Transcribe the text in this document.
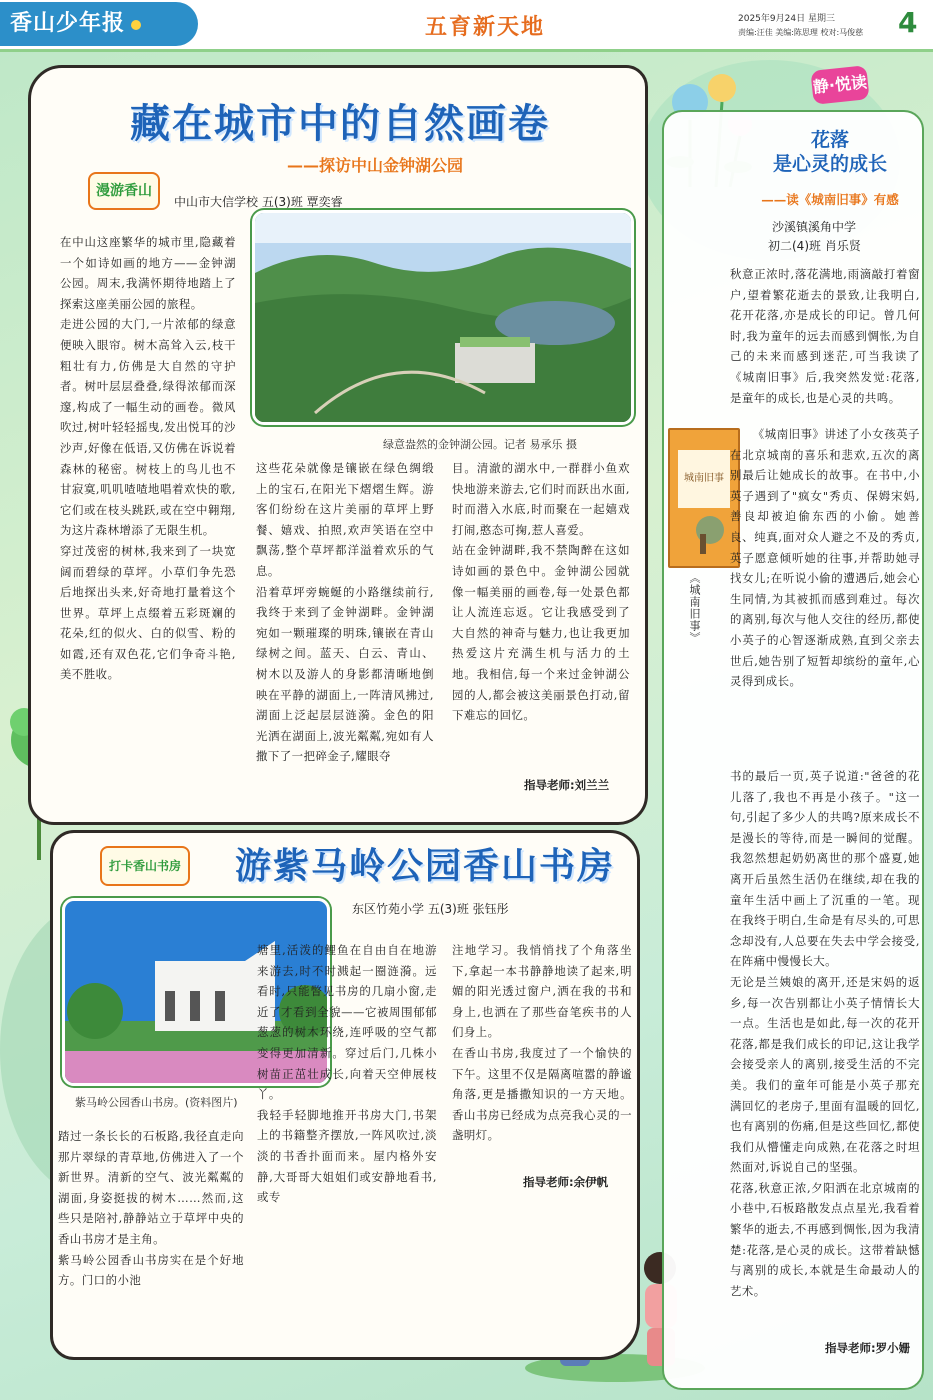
香山少年报	五育新天地	2025年9月24日 星期三
责编:汪佳 美编:陈思理 校对:马俊慈	4
藏在城市中的自然画卷
——探访中山金钟湖公园
漫游香山
中山市大信学校 五(3)班 覃奕睿
绿意盎然的金钟湖公园。记者 易承乐 摄
在中山这座繁华的城市里,隐藏着一个如诗如画的地方——金钟湖公园。周末,我满怀期待地踏上了探索这座美丽公园的旅程。
走进公园的大门,一片浓郁的绿意便映入眼帘。树木高耸入云,枝干粗壮有力,仿佛是大自然的守护者。树叶层层叠叠,绿得浓郁而深邃,构成了一幅生动的画卷。微风吹过,树叶轻轻摇曳,发出悦耳的沙沙声,好像在低语,又仿佛在诉说着森林的秘密。树枝上的鸟儿也不甘寂寞,叽叽喳喳地唱着欢快的歌,它们或在枝头跳跃,或在空中翱翔,为这片森林增添了无限生机。
穿过茂密的树林,我来到了一块宽阔而碧绿的草坪。小草们争先恐后地探出头来,好奇地打量着这个世界。草坪上点缀着五彩斑斓的花朵,红的似火、白的似雪、粉的如霞,还有双色花,它们争奇斗艳,美不胜收。
这些花朵就像是镶嵌在绿色绸缎上的宝石,在阳光下熠熠生辉。游客们纷纷在这片美丽的草坪上野餐、嬉戏、拍照,欢声笑语在空中飘荡,整个草坪都洋溢着欢乐的气息。
沿着草坪旁蜿蜒的小路继续前行,我终于来到了金钟湖畔。金钟湖宛如一颗璀璨的明珠,镶嵌在青山绿树之间。蓝天、白云、青山、树木以及游人的身影都清晰地倒映在平静的湖面上,一阵清风拂过,湖面上泛起层层涟漪。金色的阳光洒在湖面上,波光粼粼,宛如有人撒下了一把碎金子,耀眼夺
目。清澈的湖水中,一群群小鱼欢快地游来游去,它们时而跃出水面,时而潜入水底,时而聚在一起嬉戏打闹,憨态可掬,惹人喜爱。
站在金钟湖畔,我不禁陶醉在这如诗如画的景色中。金钟湖公园就像一幅美丽的画卷,每一处景色都让人流连忘返。它让我感受到了大自然的神奇与魅力,也让我更加热爱这片充满生机与活力的土地。我相信,每一个来过金钟湖公园的人,都会被这美丽景色打动,留下难忘的回忆。
指导老师:刘兰兰
打卡香山书房	游紫马岭公园香山书房
东区竹苑小学 五(3)班 张钰彤
紫马岭公园香山书房。(资料图片)
踏过一条长长的石板路,我径直走向那片翠绿的青草地,仿佛进入了一个新世界。清新的空气、波光粼粼的湖面,身姿挺拔的树木……然而,这些只是陪衬,静静站立于草坪中央的香山书房才是主角。
紫马岭公园香山书房实在是个好地方。门口的小池
塘里,活泼的鲤鱼在自由自在地游来游去,时不时溅起一圈涟漪。远看时,只能瞥见书房的几扇小窗,走近了才看到全貌——它被周围郁郁葱葱的树木环绕,连呼吸的空气都变得更加清新。穿过后门,几株小树苗正茁壮成长,向着天空伸展枝丫。
我轻手轻脚地推开书房大门,书架上的书籍整齐摆放,一阵风吹过,淡淡的书香扑面而来。屋内格外安静,大哥哥大姐姐们或安静地看书,或专
注地学习。我悄悄找了个角落坐下,拿起一本书静静地读了起来,明媚的阳光透过窗户,洒在我的书和身上,也洒在了那些奋笔疾书的人们身上。
在香山书房,我度过了一个愉快的下午。这里不仅是隔离喧嚣的静谧角落,更是播撒知识的一方天地。香山书房已经成为点亮我心灵的一盏明灯。
指导老师:余伊帆
静·悦读
花落
是心灵的成长
——读《城南旧事》有感
沙溪镇溪角中学
初二(4)班 肖乐贤
城南旧事
《城南旧事》
秋意正浓时,落花满地,雨滴敲打着窗户,望着繁花逝去的景致,让我明白,花开花落,亦是成长的印记。曾几何时,我为童年的远去而感到惆怅,为自己的未来而感到迷茫,可当我读了《城南旧事》后,我突然发觉:花落,是童年的成长,也是心灵的共鸣。
《城南旧事》讲述了小女孩英子在北京城南的喜乐和悲欢,五次的离别最后让她成长的故事。在书中,小英子遇到了"疯女"秀贞、保姆宋妈,善良却被迫偷东西的小偷。她善良、纯真,面对众人避之不及的秀贞,英子愿意倾听她的往事,并帮助她寻找女儿;在听说小偷的遭遇后,她会心生同情,为其被抓而感到难过。每次的离别,每次与他人交往的经历,都使小英子的心智逐渐成熟,直到父亲去世后,她告别了短暂却缤纷的童年,心灵得到成长。
书的最后一页,英子说道:"爸爸的花儿落了,我也不再是小孩子。"这一句,引起了多少人的共鸣?原来成长不是漫长的等待,而是一瞬间的觉醒。我忽然想起奶奶离世的那个盛夏,她离开后虽然生活仍在继续,却在我的童年生活中画上了沉重的一笔。现在我终于明白,生命是有尽头的,可思念却没有,人总要在失去中学会接受,在阵痛中慢慢长大。
无论是兰姨娘的离开,还是宋妈的返乡,每一次告别都让小英子情情长大一点。生活也是如此,每一次的花开花落,都是我们成长的印记,这让我学会接受亲人的离别,接受生活的不完美。我们的童年可能是小英子那充满回忆的老房子,里面有温暖的回忆,也有离别的伤痛,但是这些回忆,都使我们从懵懂走向成熟,在花落之时坦然面对,诉说自己的坚强。
花落,秋意正浓,夕阳洒在北京城南的小巷中,石板路散发点点星光,我看着繁华的逝去,不再感到惆怅,因为我清楚:花落,是心灵的成长。这带着缺憾与离别的成长,本就是生命最动人的艺术。
指导老师:罗小姗
